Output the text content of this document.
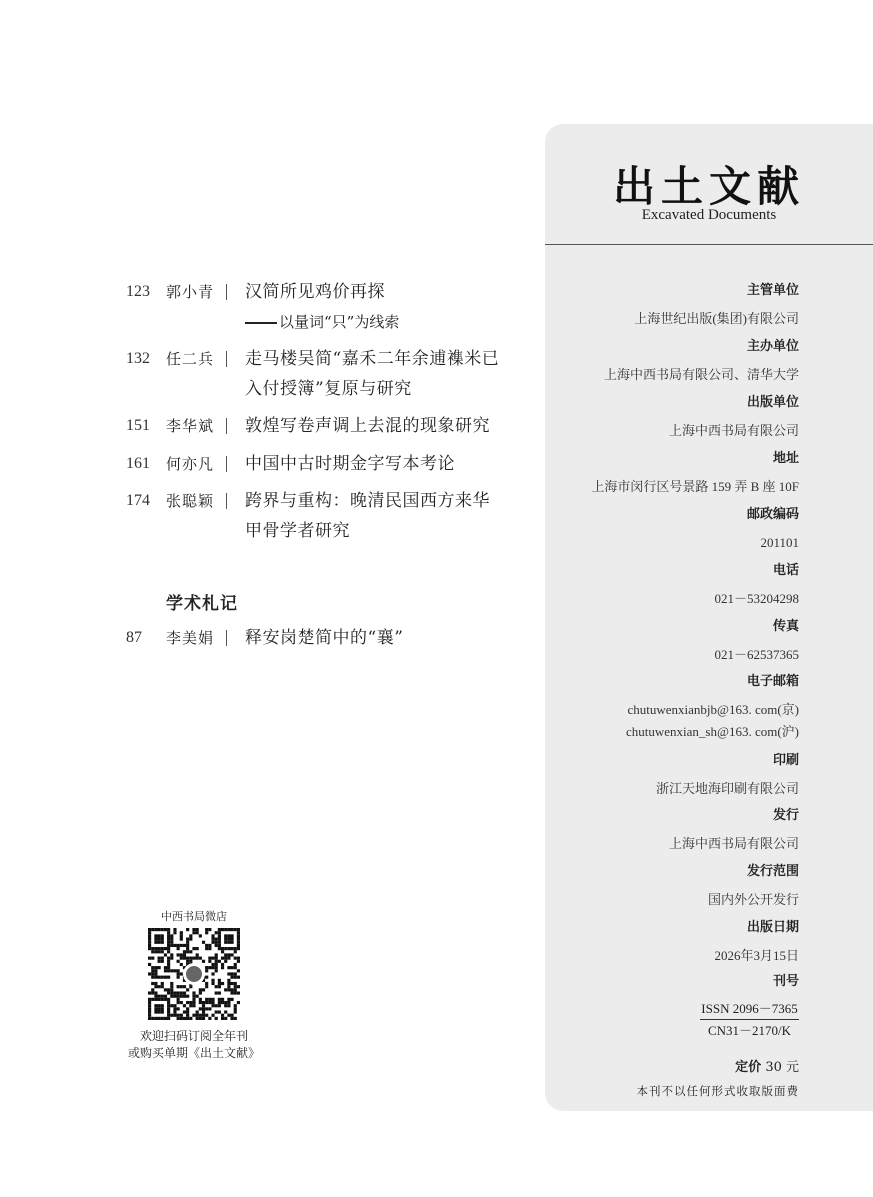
123	郭小青	汉简所见鸡价再探
以量词“只”为线索
132	任二兵	走马楼吴简“嘉禾二年余逋襍米已
入付授簿”复原与研究
151	李华斌	敦煌写卷声调上去混的现象研究
161	何亦凡	中国中古时期金字写本考论
174	张聪颖	跨界与重构：晚清民国西方来华
甲骨学者研究
学术札记
87	李美娟	释安岗楚简中的“襄”
中西书局微店
欢迎扫码订阅全年刊
或购买单期《出土文献》
出土文献
Excavated Documents
主管单位
上海世纪出版(集团)有限公司
主办单位
上海中西书局有限公司、清华大学
出版单位
上海中西书局有限公司
地址
上海市闵行区号景路 159 弄 B 座 10F
邮政编码
201101
电话
021－53204298
传真
021－62537365
电子邮箱
chutuwenxianbjb@163. com(京)
chutuwenxian_sh@163. com(沪)
印刷
浙江天地海印刷有限公司
发行
上海中西书局有限公司
发行范围
国内外公开发行
出版日期
2026年3月15日
刊号
ISSN 2096－7365
CN31－2170/K
定价 30 元
本刊不以任何形式收取版面费
